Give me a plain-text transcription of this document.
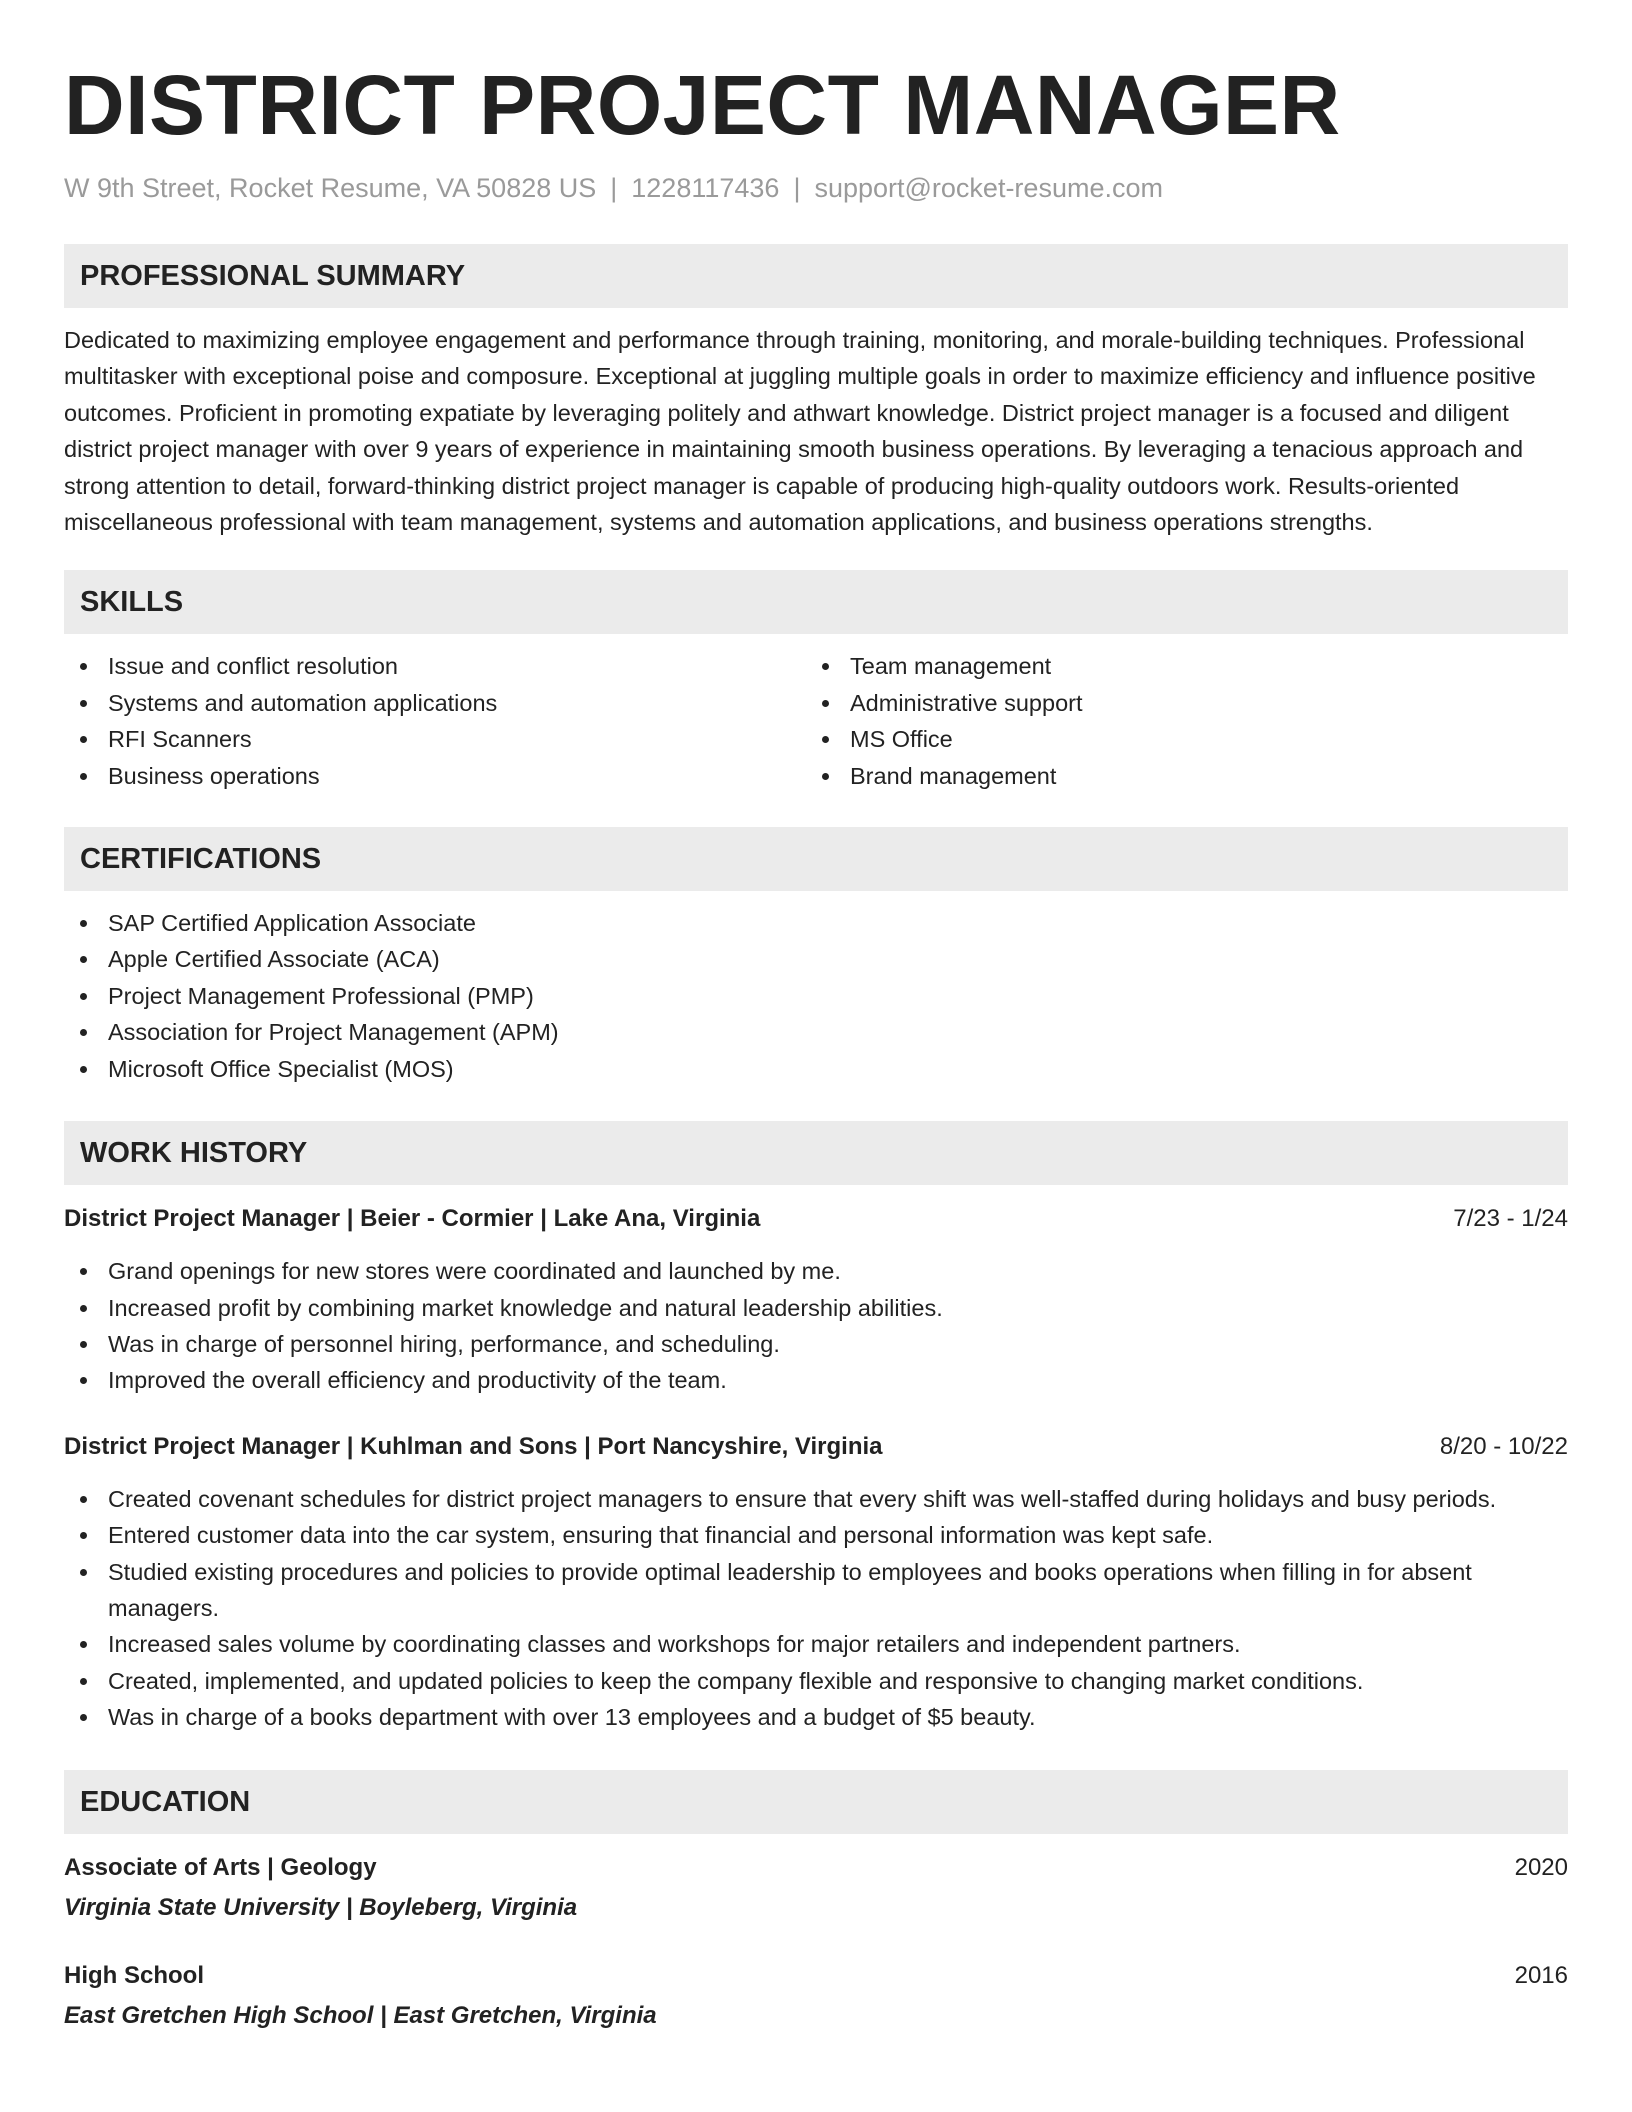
DISTRICT PROJECT MANAGER
W 9th Street, Rocket Resume, VA 50828 US | 1228117436 | support@rocket-resume.com
PROFESSIONAL SUMMARY

Dedicated to maximizing employee engagement and performance through training, monitoring, and morale-building techniques. Professional multitasker with exceptional poise and composure. Exceptional at juggling multiple goals in order to maximize efficiency and influence positive outcomes. Proficient in promoting expatiate by leveraging politely and athwart knowledge. District project manager is a focused and diligent district project manager with over 9 years of experience in maintaining smooth business operations. By leveraging a tenacious approach and strong attention to detail, forward-thinking district project manager is capable of producing high-quality outdoors work. Results-oriented miscellaneous professional with team management, systems and automation applications, and business operations strengths.

SKILLS
Issue and conflict resolution
Systems and automation applications
RFI Scanners
Business operations
Team management
Administrative support
MS Office
Brand management
CERTIFICATIONS
SAP Certified Application Associate
Apple Certified Associate (ACA)
Project Management Professional (PMP)
Association for Project Management (APM)
Microsoft Office Specialist (MOS)
WORK HISTORY
District Project Manager | Beier - Cormier | Lake Ana, Virginia	7/23 - 1/24
Grand openings for new stores were coordinated and launched by me.
Increased profit by combining market knowledge and natural leadership abilities.
Was in charge of personnel hiring, performance, and scheduling.
Improved the overall efficiency and productivity of the team.
District Project Manager | Kuhlman and Sons | Port Nancyshire, Virginia	8/20 - 10/22
Created covenant schedules for district project managers to ensure that every shift was well-staffed during holidays and busy periods.
Entered customer data into the car system, ensuring that financial and personal information was kept safe.
Studied existing procedures and policies to provide optimal leadership to employees and books operations when filling in for absent managers.
Increased sales volume by coordinating classes and workshops for major retailers and independent partners.
Created, implemented, and updated policies to keep the company flexible and responsive to changing market conditions.
Was in charge of a books department with over 13 employees and a budget of $5 beauty.
EDUCATION
Associate of Arts | Geology	2020
Virginia State University | Boyleberg, Virginia
High School	2016
East Gretchen High School | East Gretchen, Virginia
